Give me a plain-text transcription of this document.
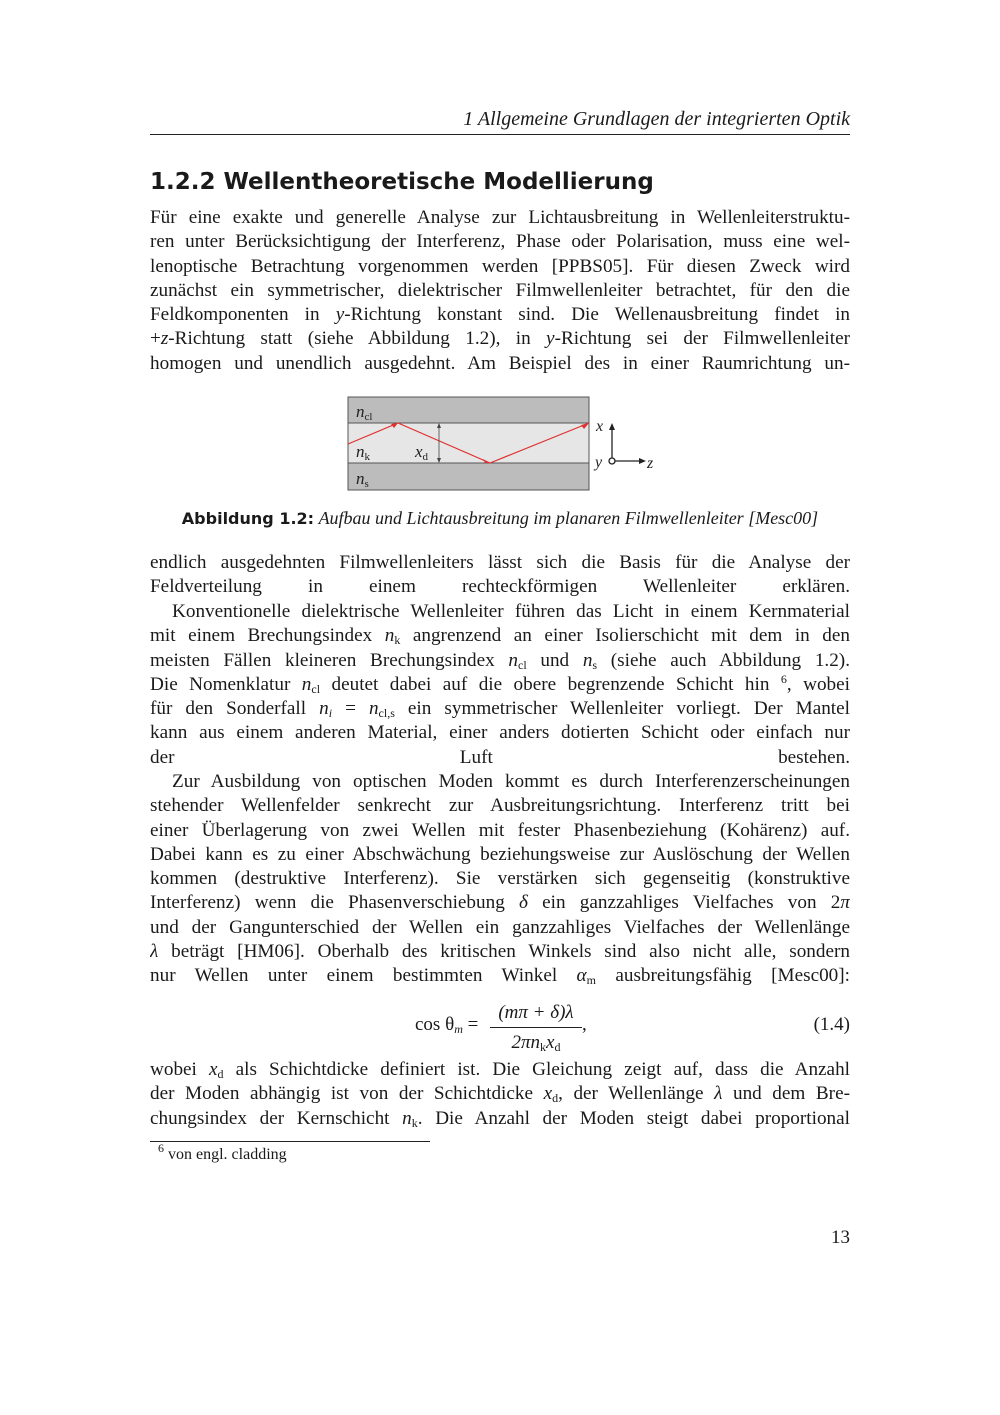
1 Allgemeine Grundlagen der integrierten Optik
1.2.2 Wellentheoretische Modellierung
Für eine exakte und generelle Analyse zur Lichtausbreitung in Wellenleiterstruktu-
ren unter Berücksichtigung der Interferenz, Phase oder Polarisation, muss eine wel-
lenoptische Betrachtung vorgenommen werden [PPBS05]. Für diesen Zweck wird
zunächst ein symmetrischer, dielektrischer Filmwellenleiter betrachtet, für den die
Feldkomponenten in y-Richtung konstant sind. Die Wellenausbreitung findet in
+z-Richtung statt (siehe Abbildung 1.2), in y-Richtung sei der Filmwellenleiter
homogen und unendlich ausgedehnt. Am Beispiel des in einer Raumrichtung un-
ncl
nk
ns
xd
x
y	z
Abbildung 1.2: Aufbau und Lichtausbreitung im planaren Filmwellenleiter [Mesc00]
endlich ausgedehnten Filmwellenleiters lässt sich die Basis für die Analyse der
Feldverteilung in einem rechteckförmigen Wellenleiter erklären.
Konventionelle dielektrische Wellenleiter führen das Licht in einem Kernmaterial
mit einem Brechungsindex $n_k$ angrenzend an einer Isolierschicht mit dem in den
meisten Fällen kleineren Brechungsindex $n_{cl}$ und $n_s$ (siehe auch Abbildung 1.2).
Die Nomenklatur $n_{cl}$ deutet dabei auf die obere begrenzende Schicht hin $^6$, wobei
für den Sonderfall $n_i = n_{cl,s}$ ein symmetrischer Wellenleiter vorliegt. Der Mantel
kann aus einem anderen Material, einer anders dotierten Schicht oder einfach nur
der Luft bestehen.
Zur Ausbildung von optischen Moden kommt es durch Interferenzerscheinungen
stehender Wellenfelder senkrecht zur Ausbreitungsrichtung. Interferenz tritt bei
einer Überlagerung von zwei Wellen mit fester Phasenbeziehung (Kohärenz) auf.
Dabei kann es zu einer Abschwächung beziehungsweise zur Auslöschung der Wellen
kommen (destruktive Interferenz). Sie verstärken sich gegenseitig (konstruktive
Interferenz) wenn die Phasenverschiebung δ ein ganzzahliges Vielfaches von 2π
und der Gangunterschied der Wellen ein ganzzahliges Vielfaches der Wellenlänge
λ beträgt [HM06]. Oberhalb des kritischen Winkels sind also nicht alle, sondern
nur Wellen unter einem bestimmten Winkel $\alpha_m$ ausbreitungsfähig [Mesc00]:
$\cos \theta_m$ =
(mπ + δ)λ
$2\pi n_kx_d$
,	(1.4)
wobei $x_d$ als Schichtdicke definiert ist. Die Gleichung zeigt auf, dass die Anzahl
der Moden abhängig ist von der Schichtdicke $x_d$, der Wellenlänge λ und dem Bre-
chungsindex der Kernschicht $n_k$. Die Anzahl der Moden steigt dabei proportional
$^6$ von engl. cladding
13
